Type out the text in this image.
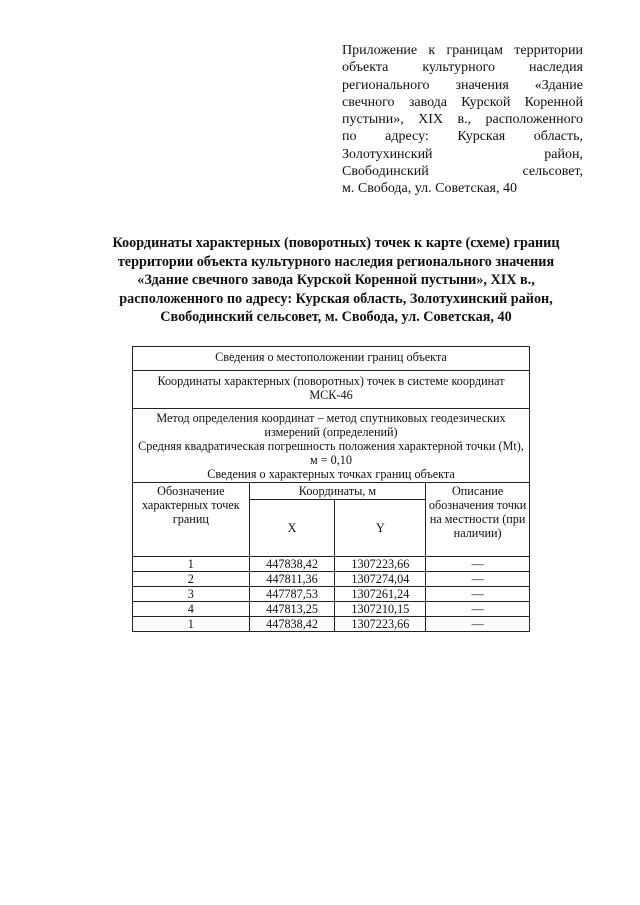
Приложение к границам территории
объекта культурного наследия
регионального значения «Здание
свечного завода Курской Коренной
пустыни», XIX в., расположенного
по адресу: Курская область,
Золотухинский район,
Свободинский сельсовет,
м. Свобода, ул. Советская, 40
Координаты характерных (поворотных) точек к карте (схеме) границ
территории объекта культурного наследия регионального значения
«Здание свечного завода Курской Коренной пустыни», XIX в.,
расположенного по адресу: Курская область, Золотухинский район,
Свободинский сельсовет, м. Свобода, ул. Советская, 40
Сведения о местоположении границ объекта			
Координаты характерных (поворотных) точек в системе координат МСК-46			

Метод определения координат – метод спутниковых геодезических измерений (определений)
Средняя квадратическая погрешность положения характерной точки (Mt), м = 0,10			

Сведения о характерных точках границ объекта			
Обозначение характерных точек границ	Координаты, м		Описание обозначения точки на местности (при наличии)
	X	Y	
1	447838,42	1307223,66	—
2	447811,36	1307274,04	—
3	447787,53	1307261,24	—
4	447813,25	1307210,15	—
1	447838,42	1307223,66	—
